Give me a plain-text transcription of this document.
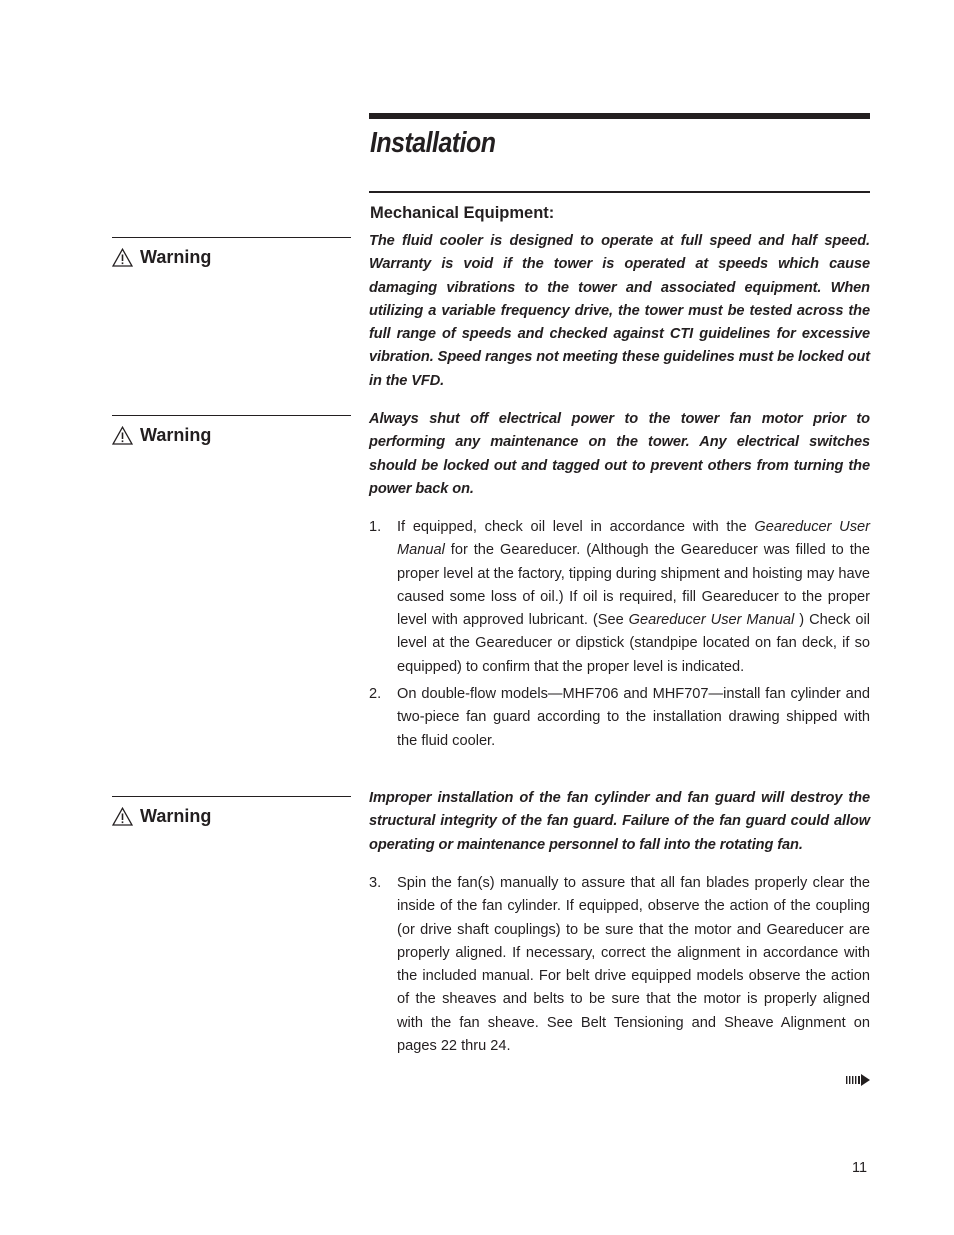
Installation
Mechanical Equipment:
Warning

The fluid cooler is designed to operate at full speed and half speed. Warranty is void if the tower is operated at speeds which cause damaging vibrations to the tower and associated equipment. When utilizing a variable frequency drive, the tower must be tested across the full range of speeds and checked against CTI guidelines for excessive vibration. Speed ranges not meeting these guidelines must be locked out in the VFD.

Warning

Always shut off electrical power to the tower fan motor prior to performing any maintenance on the tower. Any electrical switches should be locked out and tagged out to prevent others from turning the power back on.

1.	If equipped, check oil level in accordance with the Geareducer User Manual for the Geareducer. (Although the Geareducer was filled to the proper level at the factory, tipping during shipment and hoisting may have caused some loss of oil.) If oil is required, fill Geareducer to the proper level with approved lubricant. (See Geareducer User Manual ) Check oil level at the Geareducer or dipstick (standpipe located on fan deck, if so equipped) to confirm that the proper level is indicated.
2.	On double-flow models—MHF706 and MHF707—install fan cylinder and two-piece fan guard according to the installation drawing shipped with the fluid cooler.
Warning

Improper installation of the fan cylinder and fan guard will destroy the structural integrity of the fan guard. Failure of the fan guard could allow operating or maintenance personnel to fall into the rotating fan.

3.	Spin the fan(s) manually to assure that all fan blades properly clear the inside of the fan cylinder. If equipped, observe the action of the coupling (or drive shaft couplings) to be sure that the motor and Geareducer are properly aligned. If necessary, correct the alignment in accordance with the included manual. For belt drive equipped models observe the action of the sheaves and belts to be sure that the motor is properly aligned with the fan sheave. See Belt Tensioning and Sheave Alignment on pages 22 thru 24.
11
